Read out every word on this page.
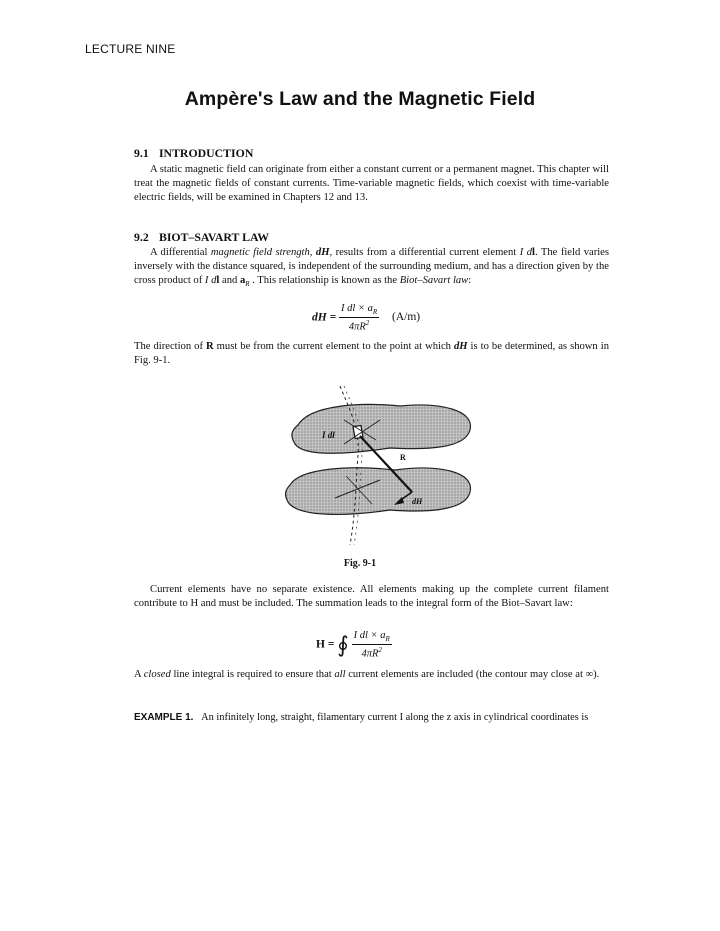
LECTURE NINE
Ampère's Law and the Magnetic Field
9.1 INTRODUCTION
A static magnetic field can originate from either a constant current or a permanent magnet. This chapter will treat the magnetic fields of constant currents. Time-variable magnetic fields, which coexist with time-variable electric fields, will be examined in Chapters 12 and 13.
9.2 BIOT–SAVART LAW
A differential magnetic field strength, dH, results from a differential current element I dl. The field varies inversely with the distance squared, is independent of the surrounding medium, and has a direction given by the cross product of I dl and $a_R$ . This relationship is known as the Biot–Savart law:
dH = $\frac{I dl \times a_R}{4\pi R^2} (A/m)$
The direction of R must be from the current element to the point at which dH is to be determined, as shown in Fig. 9-1.
I dl
R
dH
Fig. 9-1
Current elements have no separate existence. All elements making up the complete current filament contribute to H and must be included. The summation leads to the integral form of the Biot–Savart law:
H = ∮ $\frac{I dl \times a_R}{4\pi R^2}$
A closed line integral is required to ensure that all current elements are included (the contour may close at ∞).
EXAMPLE 1. An infinitely long, straight, filamentary current I along the z axis in cylindrical coordinates is
